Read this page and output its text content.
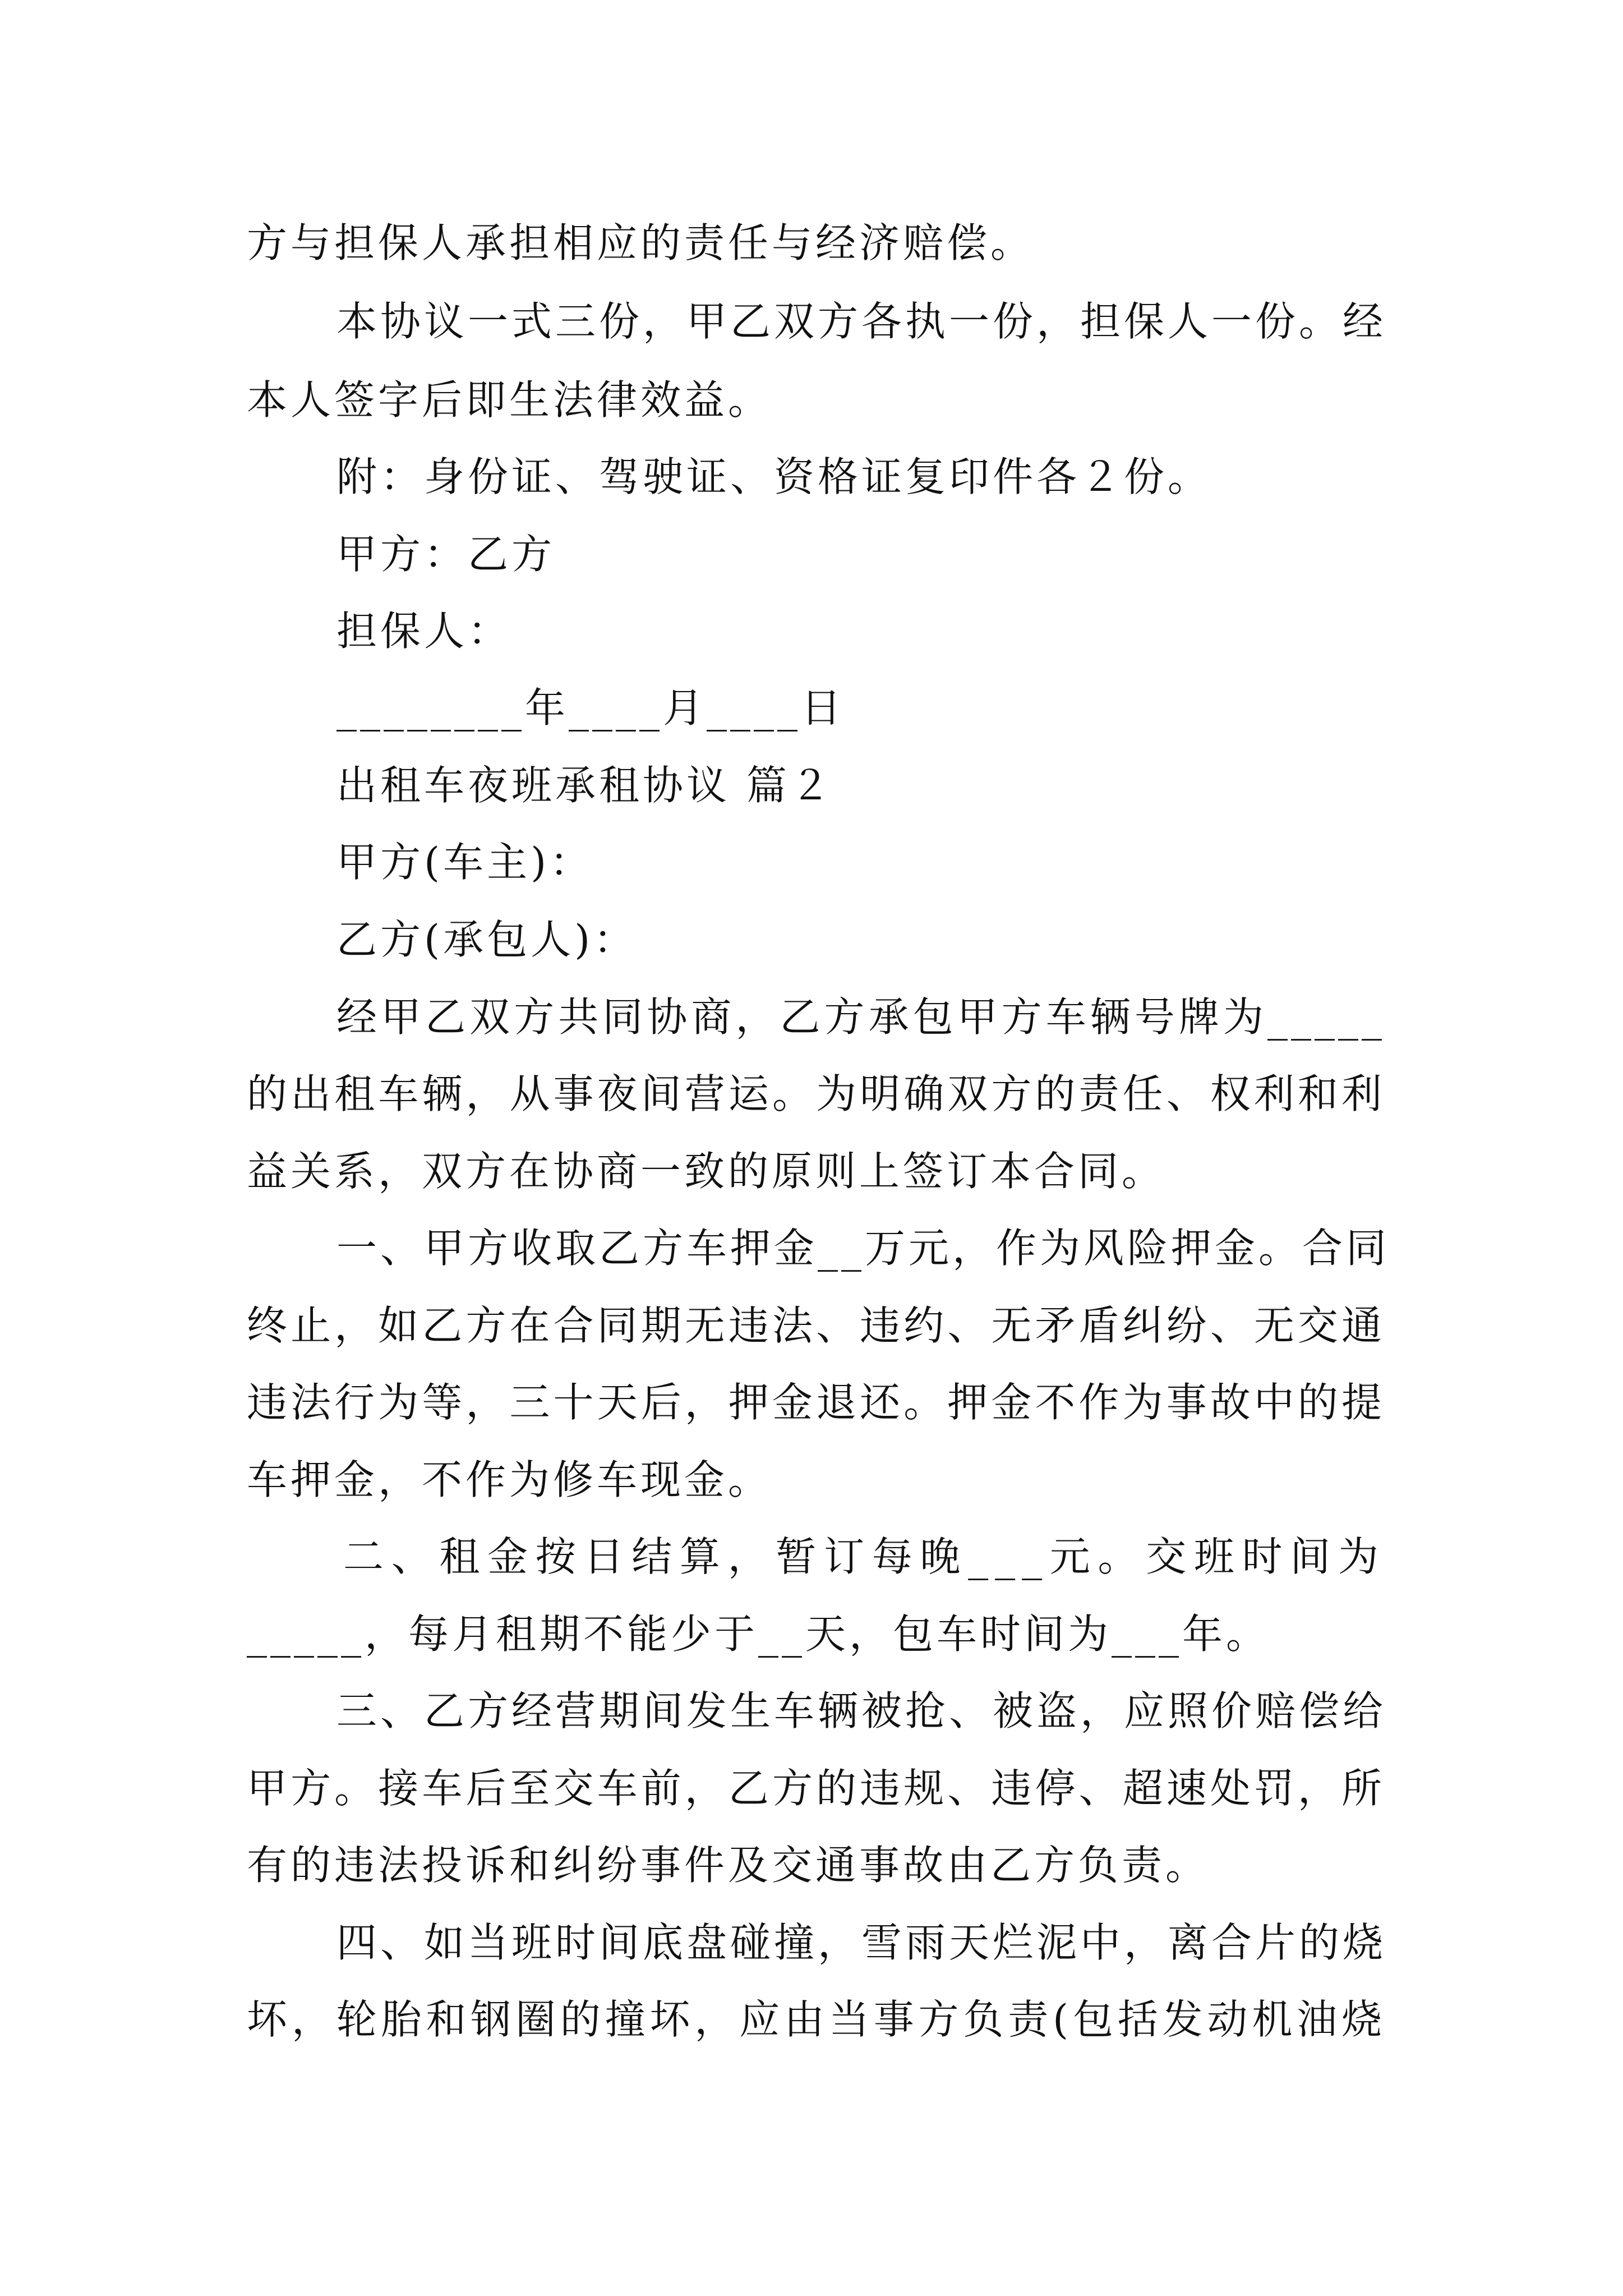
方与担保人承担相应的责任与经济赔偿。
本协议一式三份，甲乙双方各执一份，担保人一份。经
本人签字后即生法律效益。
附：身份证、驾驶证、资格证复印件各２份。
甲方：乙方
担保人：
________年____月____日
出租车夜班承租协议 篇２
甲方(车主)：
乙方(承包人)：
经甲乙双方共同协商，乙方承包甲方车辆号牌为_____
的出租车辆，从事夜间营运。为明确双方的责任、权利和利
益关系，双方在协商一致的原则上签订本合同。
一、甲方收取乙方车押金__万元，作为风险押金。合同
终止，如乙方在合同期无违法、违约、无矛盾纠纷、无交通
违法行为等，三十天后，押金退还。押金不作为事故中的提
车押金，不作为修车现金。
二、租金按日结算，暂订每晚___元。交班时间为
_____，每月租期不能少于__天，包车时间为___年。
三、乙方经营期间发生车辆被抢、被盗，应照价赔偿给
甲方。接车后至交车前，乙方的违规、违停、超速处罚，所
有的违法投诉和纠纷事件及交通事故由乙方负责。
四、如当班时间底盘碰撞，雪雨天烂泥中，离合片的烧
坏，轮胎和钢圈的撞坏，应由当事方负责(包括发动机油烧
